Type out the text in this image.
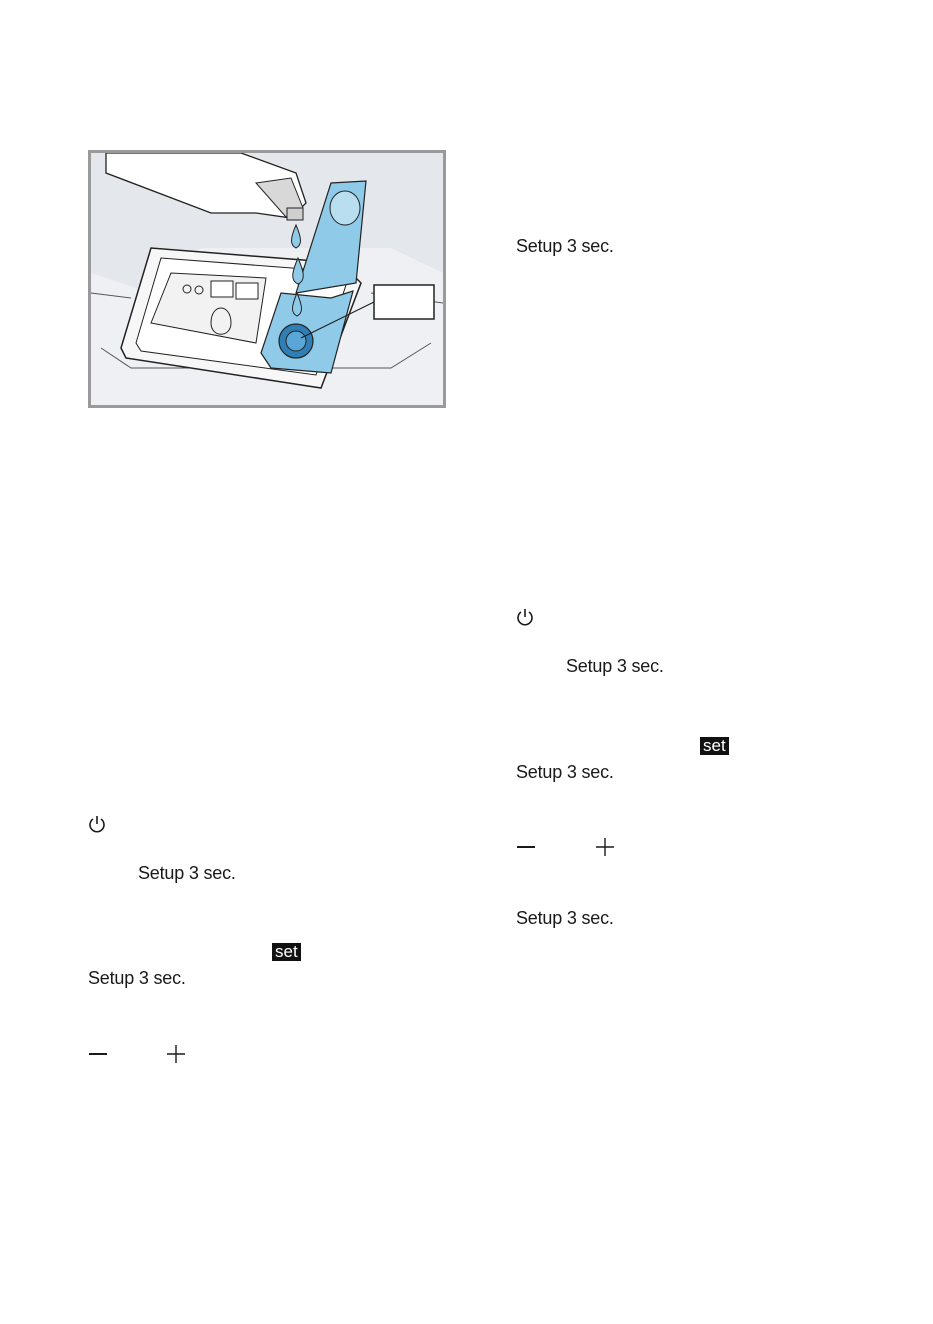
Setup 3 sec.
set
Setup 3 sec.
Setup 3 sec.
Setup 3 sec.
set
Setup 3 sec.
Setup 3 sec.
